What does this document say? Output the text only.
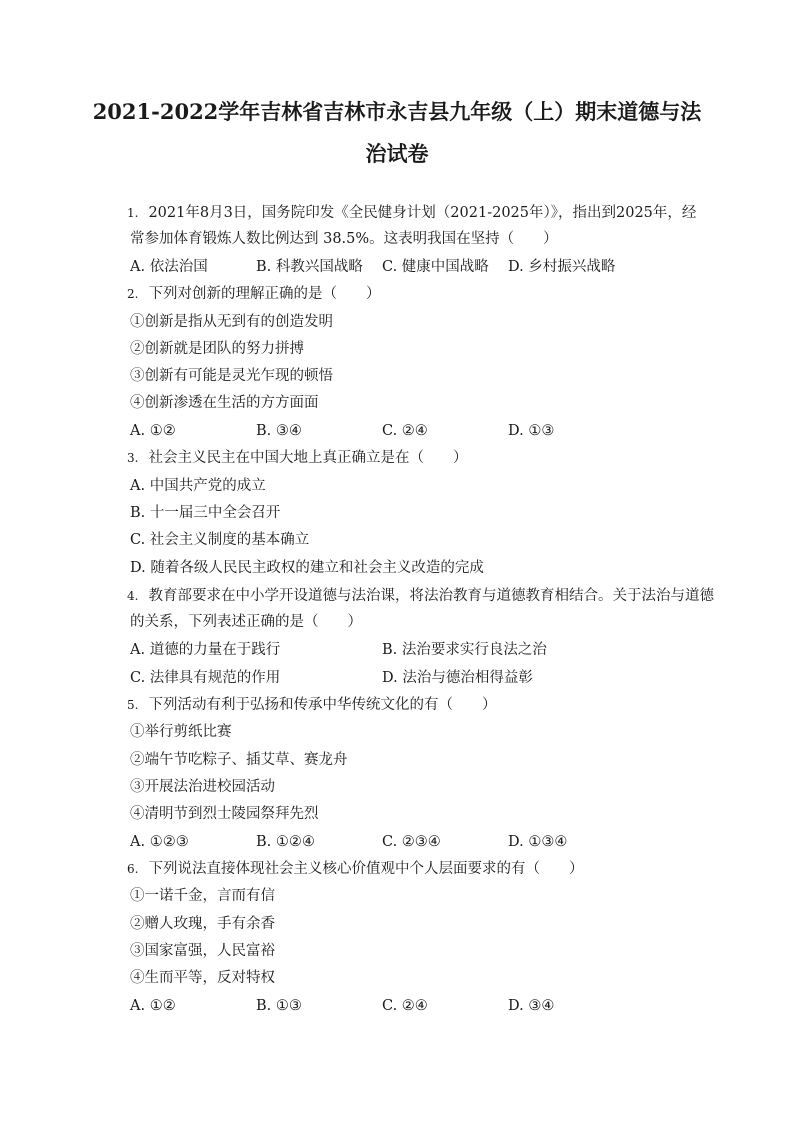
2021-2022学年吉林省吉林市永吉县九年级（上）期末道德与法
治试卷
1. 2021年8月3日，国务院印发《全民健身计划（2021-2025年）》，指出到2025年，经
常参加体育锻炼人数比例达到 38.5%。这表明我国在坚持（　　）
A. 依法治国	B. 科教兴国战略 C. 健康中国战略 D. 乡村振兴战略
2. 下列对创新的理解正确的是（　　）
①创新是指从无到有的创造发明
②创新就是团队的努力拼搏
③创新有可能是灵光乍现的顿悟
④创新渗透在生活的方方面面
A. ①②	B. ③④	C. ②④	D. ①③
3. 社会主义民主在中国大地上真正确立是在（　　）
A. 中国共产党的成立
B. 十一届三中全会召开
C. 社会主义制度的基本确立
D. 随着各级人民民主政权的建立和社会主义改造的完成
4. 教育部要求在中小学开设道德与法治课，将法治教育与道德教育相结合。关于法治与道德
的关系，下列表述正确的是（　　）
A. 道德的力量在于践行	B. 法治要求实行良法之治
C. 法律具有规范的作用	D. 法治与德治相得益彰
5. 下列活动有利于弘扬和传承中华传统文化的有（　　）
①举行剪纸比赛
②端午节吃粽子、插艾草、赛龙舟
③开展法治进校园活动
④清明节到烈士陵园祭拜先烈
A. ①②③	B. ①②④	C. ②③④	D. ①③④
6. 下列说法直接体现社会主义核心价值观中个人层面要求的有（　　）
①一诺千金，言而有信
②赠人玫瑰，手有余香
③国家富强，人民富裕
④生而平等，反对特权
A. ①②	B. ①③	C. ②④	D. ③④
